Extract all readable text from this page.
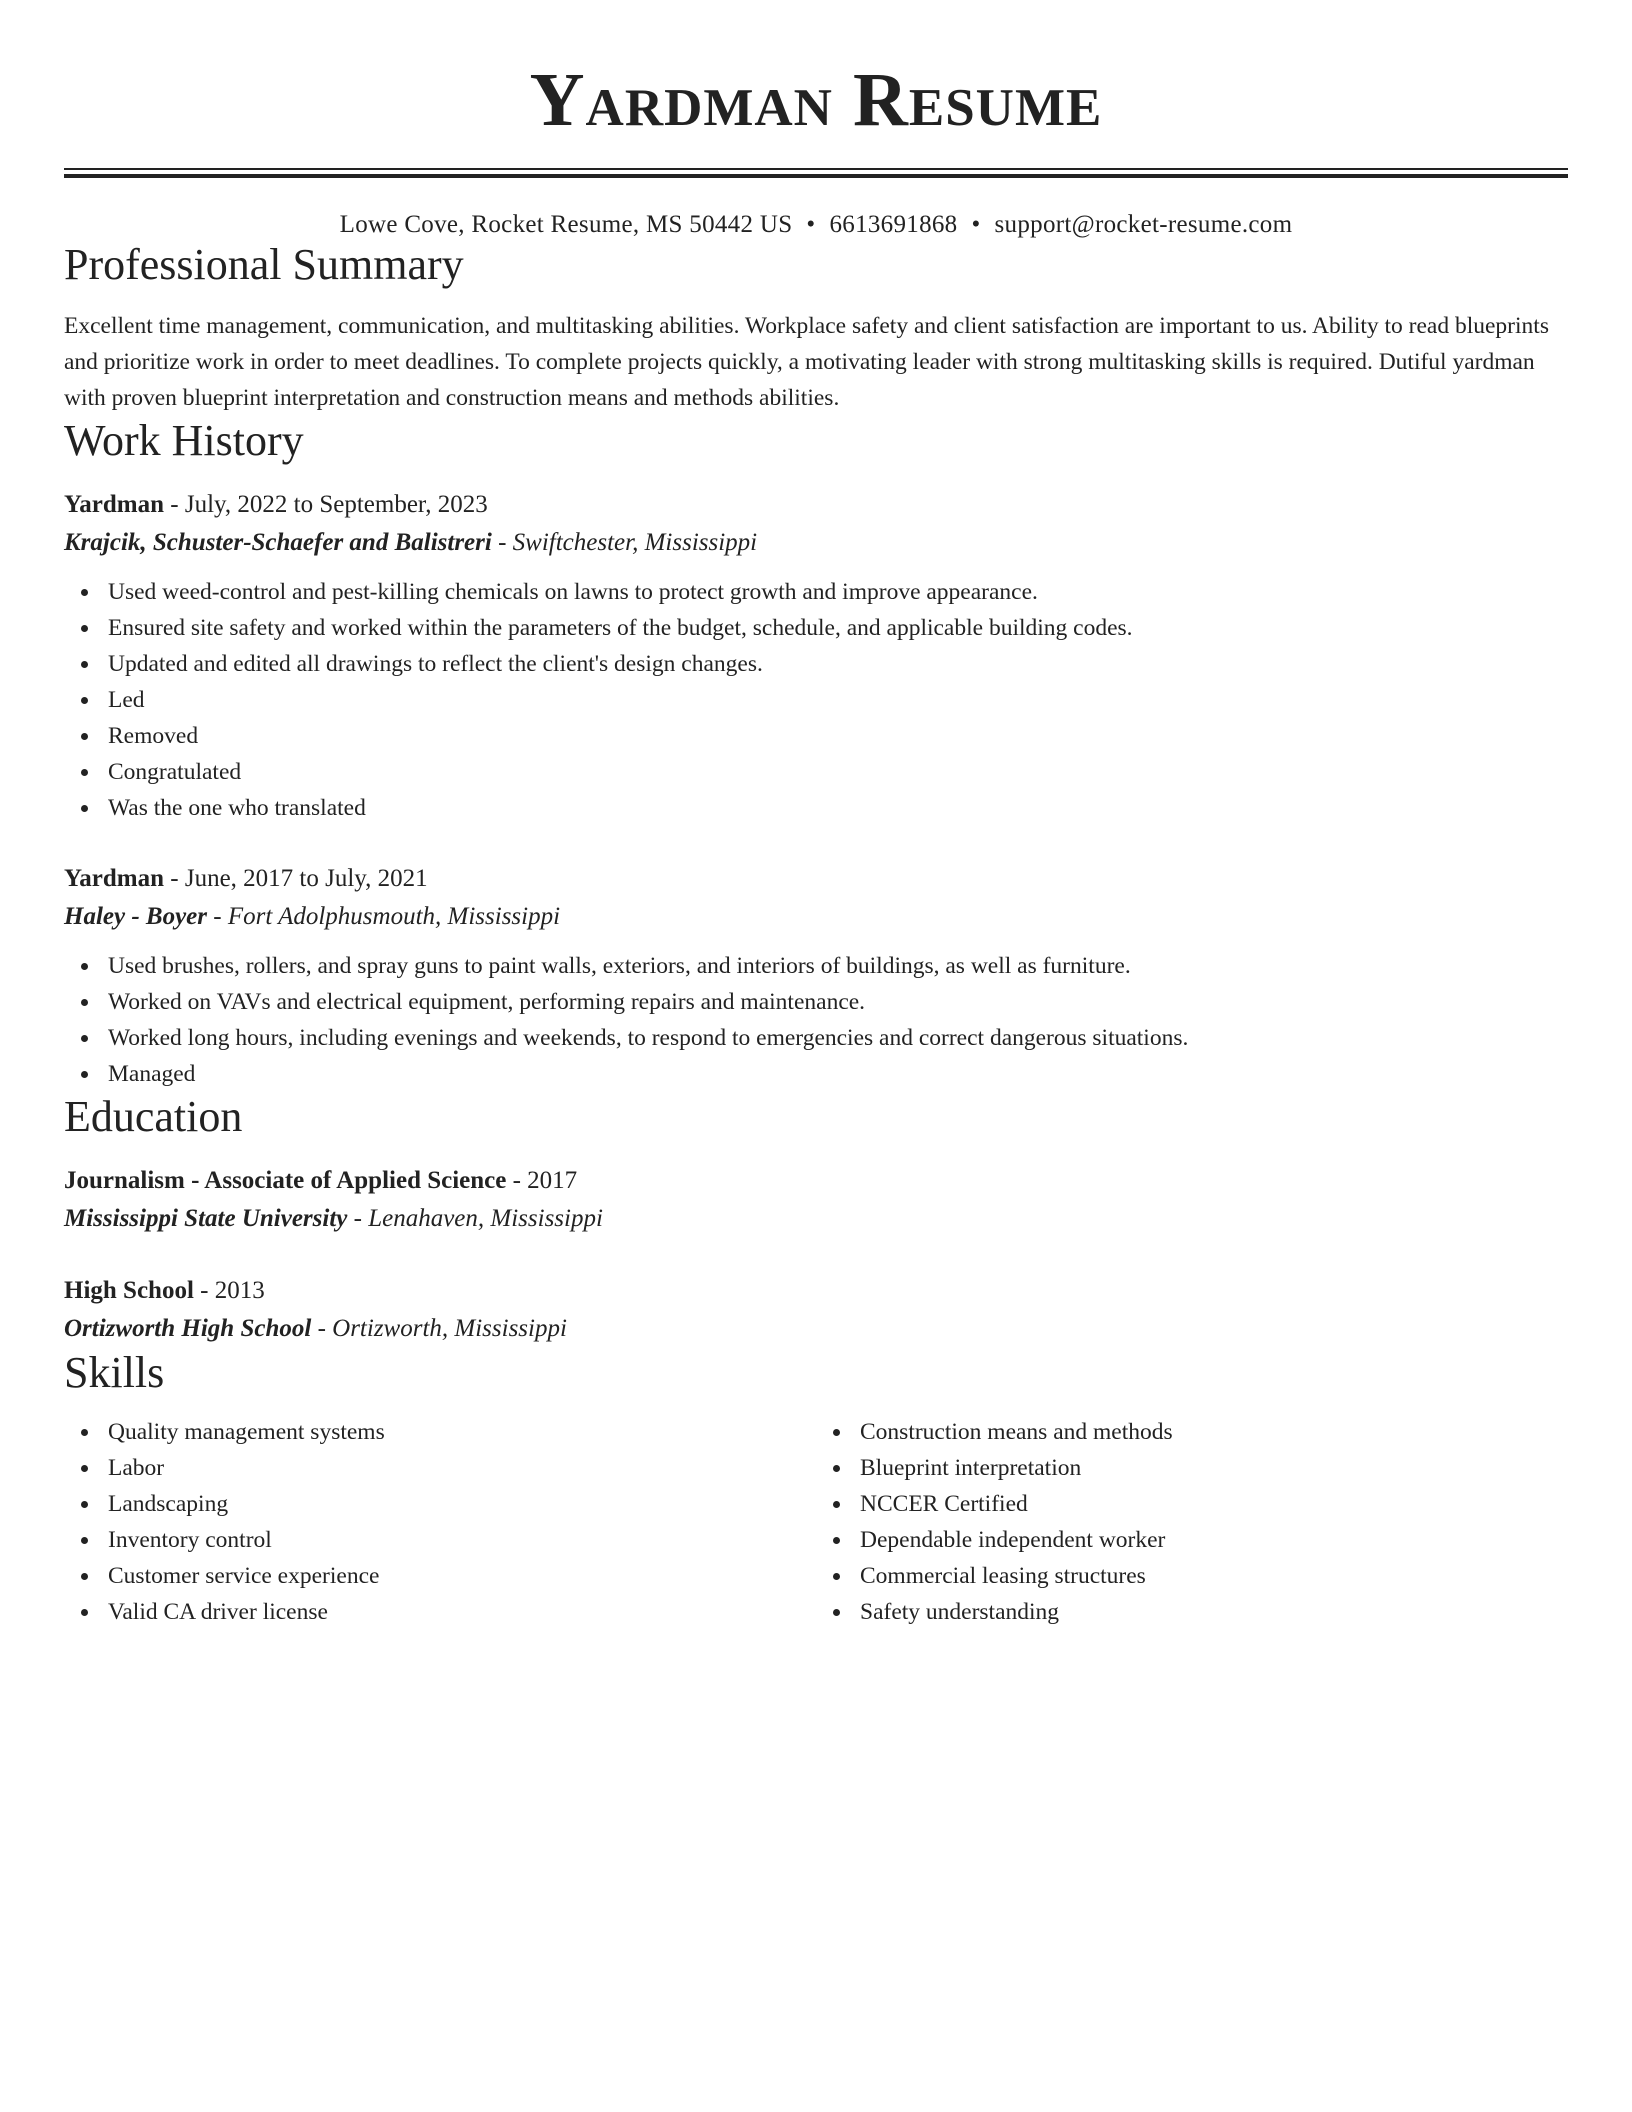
Yardman Resume
Lowe Cove, Rocket Resume, MS 50442 US • 6613691868 • support@rocket-resume.com
Professional Summary
Excellent time management, communication, and multitasking abilities. Workplace safety and client satisfaction are important to us. Ability to read blueprints and prioritize work in order to meet deadlines. To complete projects quickly, a motivating leader with strong multitasking skills is required. Dutiful yardman with proven blueprint interpretation and construction means and methods abilities.
Work History
Yardman - July, 2022 to September, 2023
Krajcik, Schuster-Schaefer and Balistreri - Swiftchester, Mississippi
Used weed-control and pest-killing chemicals on lawns to protect growth and improve appearance.
Ensured site safety and worked within the parameters of the budget, schedule, and applicable building codes.
Updated and edited all drawings to reflect the client's design changes.
Led
Removed
Congratulated
Was the one who translated
Yardman - June, 2017 to July, 2021
Haley - Boyer - Fort Adolphusmouth, Mississippi
Used brushes, rollers, and spray guns to paint walls, exteriors, and interiors of buildings, as well as furniture.
Worked on VAVs and electrical equipment, performing repairs and maintenance.
Worked long hours, including evenings and weekends, to respond to emergencies and correct dangerous situations.
Managed
Education
Journalism - Associate of Applied Science - 2017
Mississippi State University - Lenahaven, Mississippi
High School - 2013
Ortizworth High School - Ortizworth, Mississippi
Skills
Quality management systems
Labor
Landscaping
Inventory control
Customer service experience
Valid CA driver license
Construction means and methods
Blueprint interpretation
NCCER Certified
Dependable independent worker
Commercial leasing structures
Safety understanding
